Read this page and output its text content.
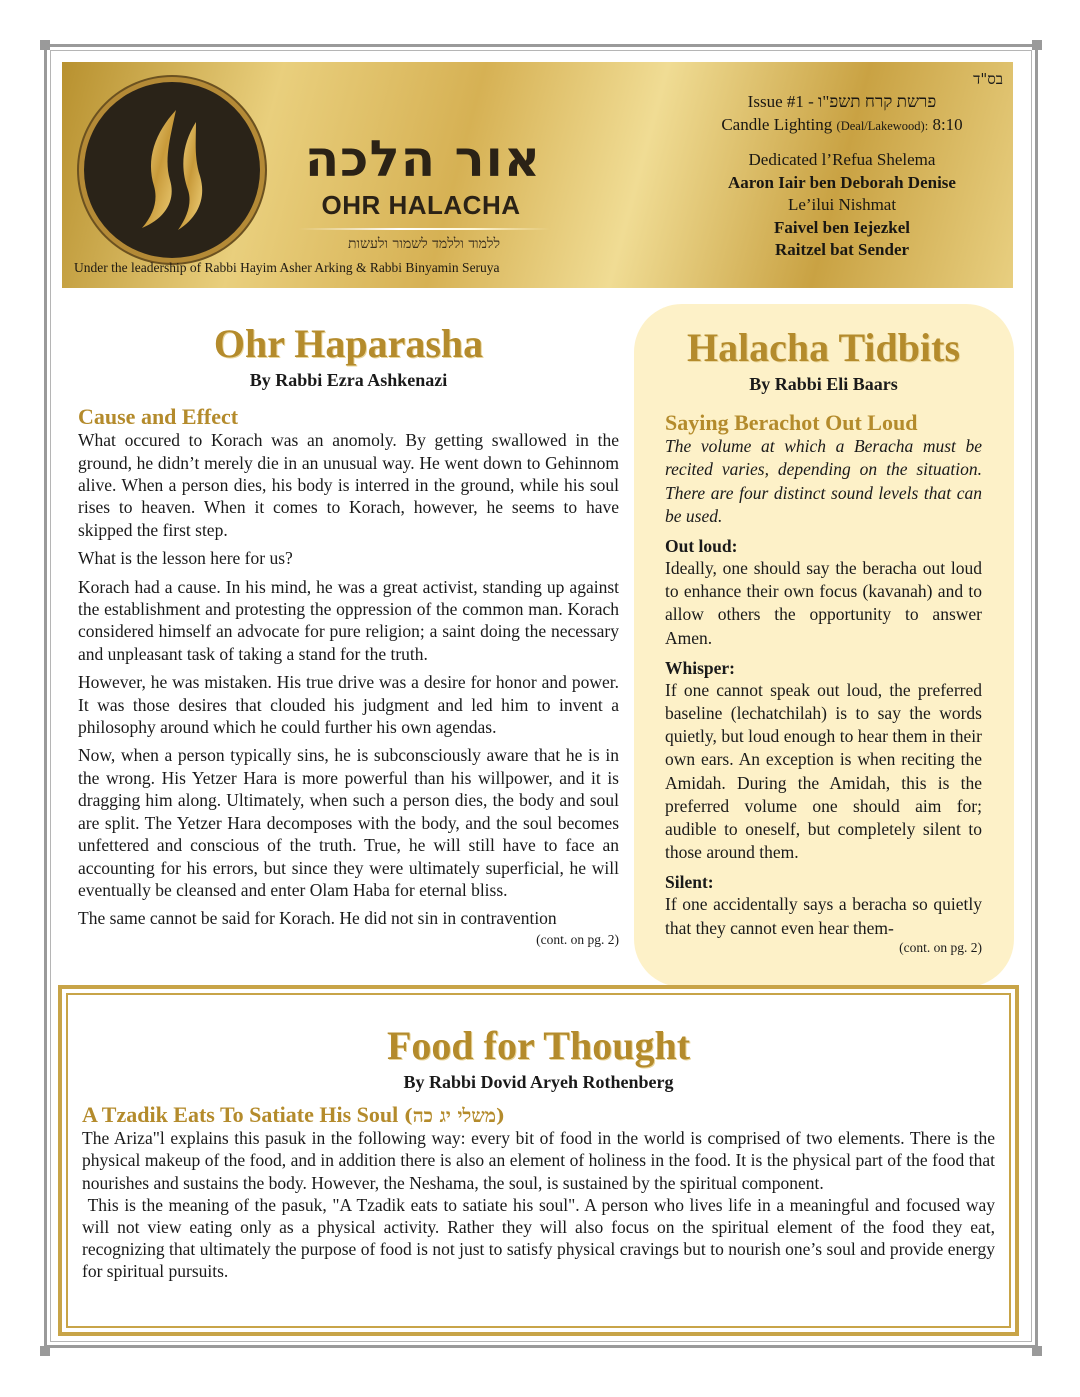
אור הלכה
OHR HALACHA
ללמוד וללמד לשמור ולעשות
Under the leadership of Rabbi Hayim Asher Arking & Rabbi Binyamin Seruya
בס"ד
Issue #1 - פרשת קרח תשפ"ו
Candle Lighting (Deal/Lakewood): 8:10
Dedicated l’Refua Shelema
Aaron Iair ben Deborah Denise
Le’ilui Nishmat
Faivel ben Iejezkel
Raitzel bat Sender
Ohr Haparasha
By Rabbi Ezra Ashkenazi
Cause and Effect

What occured to Korach was an anomoly. By getting swallowed in the ground, he didn’t merely die in an unusual way. He went down to Gehinnom alive. When a person dies, his body is interred in the ground, while his soul rises to heaven. When it comes to Korach, however, he seems to have skipped the first step.

What is the lesson here for us?

Korach had a cause. In his mind, he was a great activist, standing up against the establishment and protesting the oppression of the common man. Korach considered himself an advocate for pure religion; a saint doing the necessary and unpleasant task of taking a stand for the truth.

However, he was mistaken. His true drive was a desire for honor and power. It was those desires that clouded his judgment and led him to invent a philosophy around which he could further his own agendas.

Now, when a person typically sins, he is subconsciously aware that he is in the wrong. His Yetzer Hara is more powerful than his willpower, and it is dragging him along. Ultimately, when such a person dies, the body and soul are split. The Yetzer Hara decomposes with the body, and the soul becomes unfettered and conscious of the truth. True, he will still have to face an accounting for his errors, but since they were ultimately superficial, he will eventually be cleansed and enter Olam Haba for eternal bliss.

The same cannot be said for Korach. He did not sin in contravention

(cont. on pg. 2)
Halacha Tidbits
By Rabbi Eli Baars
Saying Berachot Out Loud
The volume at which a Beracha must be recited varies, depending on the situation. There are four distinct sound levels that can be used.
Out loud:
Ideally, one should say the beracha out loud to enhance their own focus (kavanah) and to allow others the opportunity to answer Amen.
Whisper:
If one cannot speak out loud, the preferred baseline (lechatchilah) is to say the words quietly, but loud enough to hear them in their own ears. An exception is when reciting the Amidah. During the Amidah, this is the preferred volume one should aim for; audible to oneself, but completely silent to those around them.
Silent:
If one accidentally says a beracha so quietly that they cannot even hear them-
(cont. on pg. 2)
Food for Thought
By Rabbi Dovid Aryeh Rothenberg
A Tzadik Eats To Satiate His Soul (משלי יג כה)

The Ariza"l explains this pasuk in the following way: every bit of food in the world is comprised of two elements. There is the physical makeup of the food, and in addition there is also an element of holiness in the food. It is the physical part of the food that nourishes and sustains the body. However, the Neshama, the soul, is sustained by the spiritual component.

This is the meaning of the pasuk, "A Tzadik eats to satiate his soul". A person who lives life in a meaningful and focused way will not view eating only as a physical activity. Rather they will also focus on the spiritual element of the food they eat, recognizing that ultimately the purpose of food is not just to satisfy physical cravings but to nourish one’s soul and provide energy for spiritual pursuits.
